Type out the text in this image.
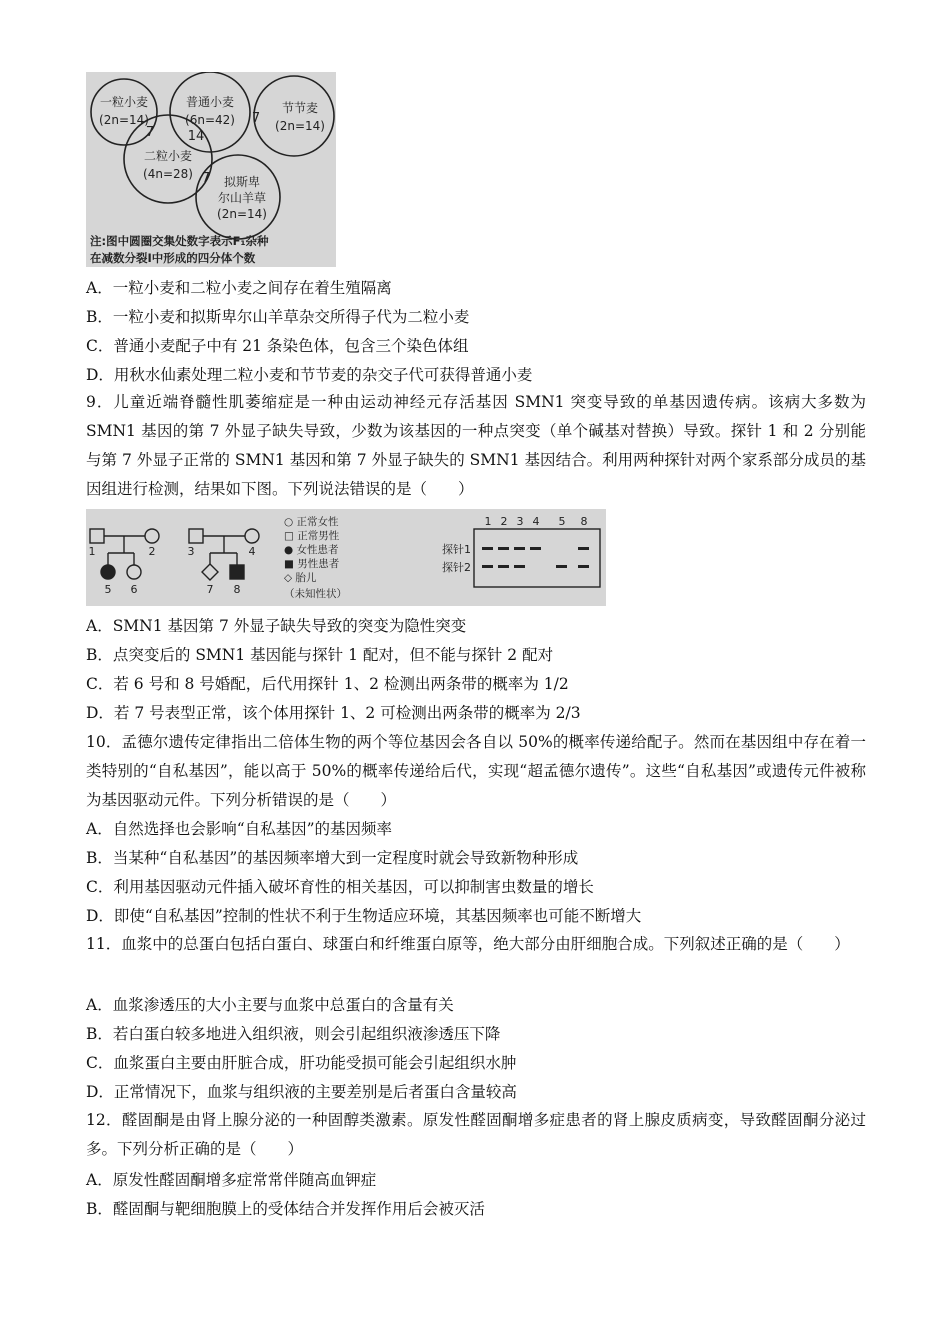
一粒小麦
(2n=14)
普通小麦
(6n=42)
节节麦
(2n=14)
二粒小麦
(4n=28)
拟斯卑
尔山羊草
(2n=14)
7	14
7
7
注:图中圆圈交集处数字表示F₁杂种
在减数分裂Ⅰ中形成的四分体个数
A．一粒小麦和二粒小麦之间存在着生殖隔离
B．一粒小麦和拟斯卑尔山羊草杂交所得子代为二粒小麦
C．普通小麦配子中有 21 条染色体，包含三个染色体组
D．用秋水仙素处理二粒小麦和节节麦的杂交子代可获得普通小麦
9．儿童近端脊髓性肌萎缩症是一种由运动神经元存活基因 SMN1 突变导致的单基因遗传病。该病大多数为 SMN1 基因的第 7 外显子缺失导致，少数为该基因的一种点突变（单个碱基对替换）导致。探针 1 和 2 分别能与第 7 外显子正常的 SMN1 基因和第 7 外显子缺失的 SMN1 基因结合。利用两种探针对两个家系部分成员的基因组进行检测，结果如下图。下列说法错误的是（　　）
1	2	3	4
5 6	7 8
○ 正常女性
□ 正常男性
● 女性患者
■ 男性患者
◇ 胎儿
（未知性状）
1 2 3 4 5 8
探针1
探针2
A．SMN1 基因第 7 外显子缺失导致的突变为隐性突变
B．点突变后的 SMN1 基因能与探针 1 配对，但不能与探针 2 配对
C．若 6 号和 8 号婚配，后代用探针 1、2 检测出两条带的概率为 1/2
D．若 7 号表型正常，该个体用探针 1、2 可检测出两条带的概率为 2/3
10．孟德尔遗传定律指出二倍体生物的两个等位基因会各自以 50%的概率传递给配子。然而在基因组中存在着一类特别的“自私基因”，能以高于 50%的概率传递给后代，实现“超孟德尔遗传”。这些“自私基因”或遗传元件被称为基因驱动元件。下列分析错误的是（　　）
A．自然选择也会影响“自私基因”的基因频率
B．当某种“自私基因”的基因频率增大到一定程度时就会导致新物种形成
C．利用基因驱动元件插入破坏育性的相关基因，可以抑制害虫数量的增长
D．即使“自私基因”控制的性状不利于生物适应环境，其基因频率也可能不断增大
11．血浆中的总蛋白包括白蛋白、球蛋白和纤维蛋白原等，绝大部分由肝细胞合成。下列叙述正确的是（　　）
A．血浆渗透压的大小主要与血浆中总蛋白的含量有关
B．若白蛋白较多地进入组织液，则会引起组织液渗透压下降
C．血浆蛋白主要由肝脏合成，肝功能受损可能会引起组织水肿
D．正常情况下，血浆与组织液的主要差别是后者蛋白含量较高
12．醛固酮是由肾上腺分泌的一种固醇类激素。原发性醛固酮增多症患者的肾上腺皮质病变，导致醛固酮分泌过多。下列分析正确的是（　　）
A．原发性醛固酮增多症常常伴随高血钾症
B．醛固酮与靶细胞膜上的受体结合并发挥作用后会被灭活
